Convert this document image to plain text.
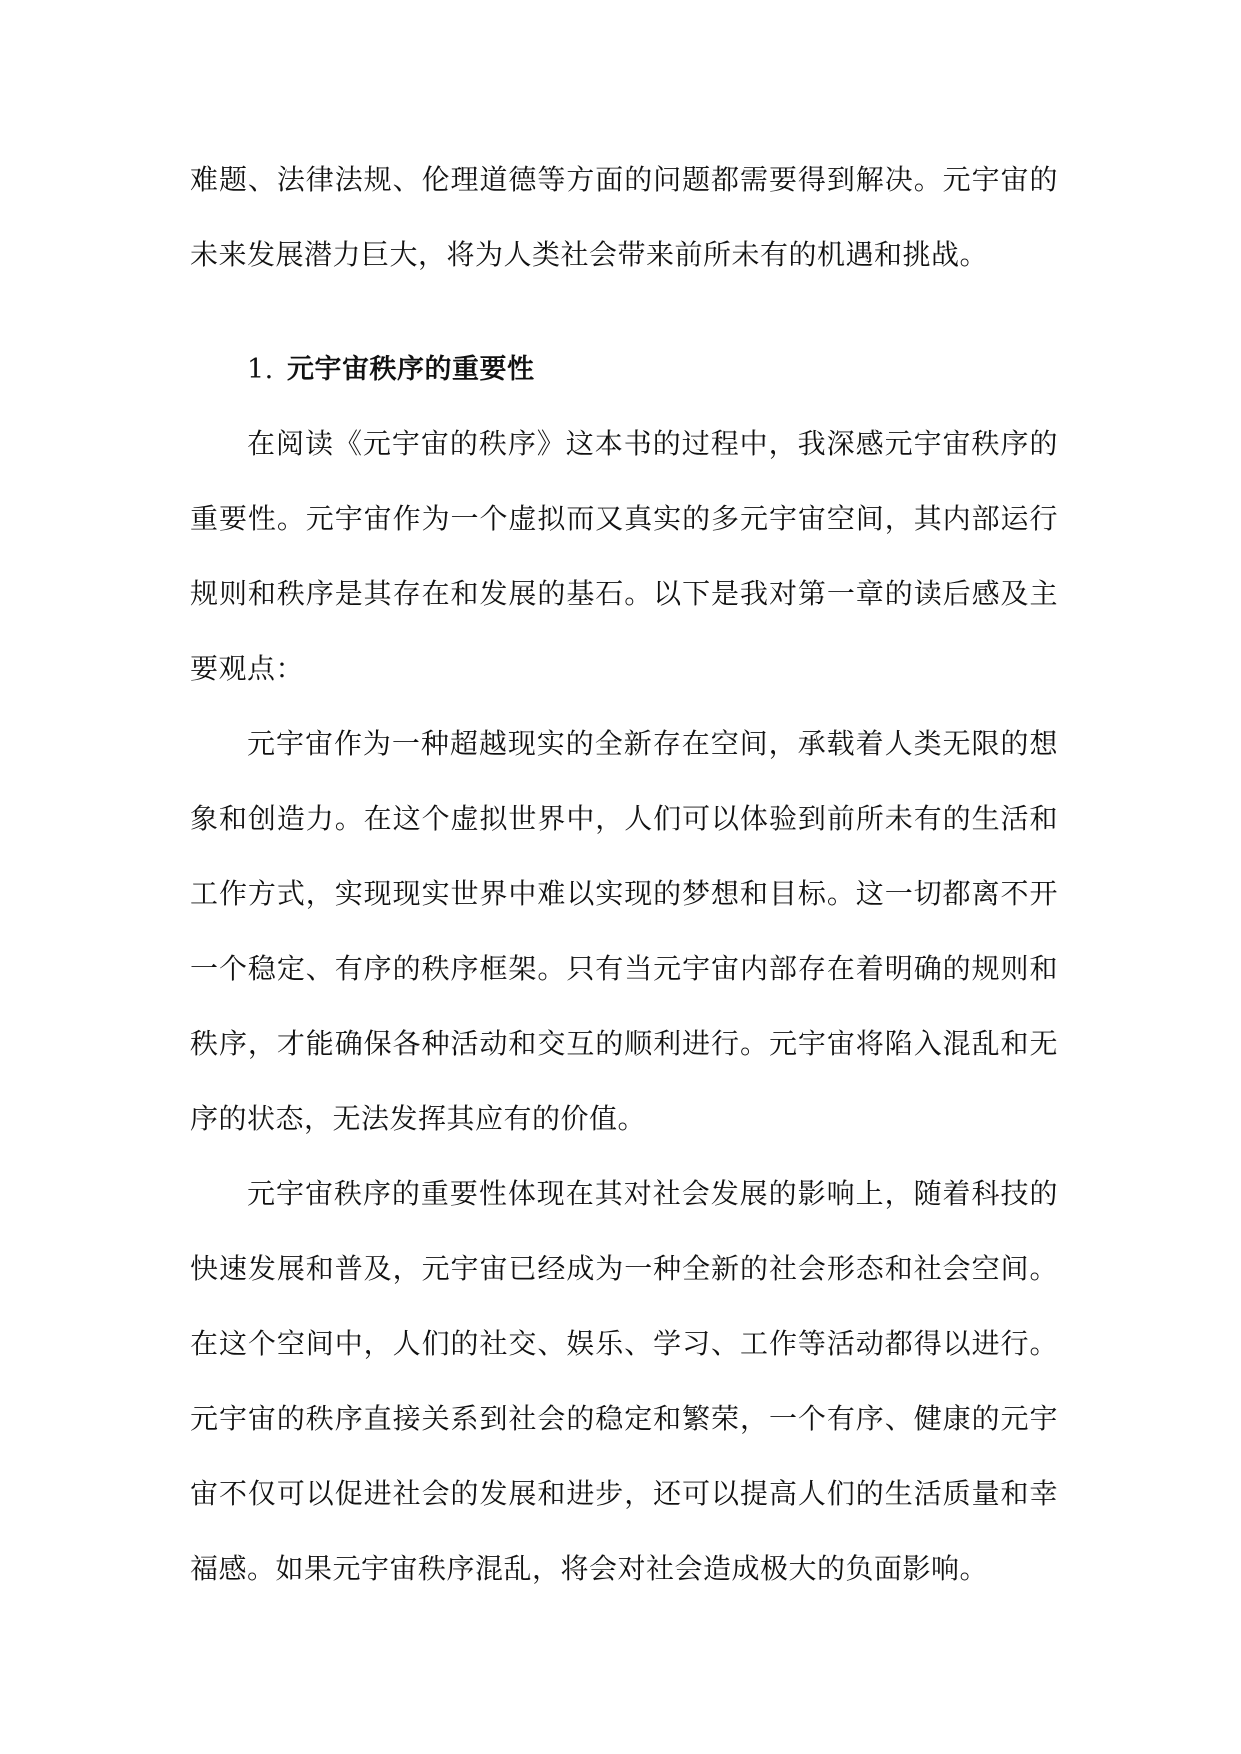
难题、法律法规、伦理道德等方面的问题都需要得到解决。元宇宙的未来发展潜力巨大，将为人类社会带来前所未有的机遇和挑战。

1. 元宇宙秩序的重要性

在阅读《元宇宙的秩序》这本书的过程中，我深感元宇宙秩序的重要性。元宇宙作为一个虚拟而又真实的多元宇宙空间，其内部运行规则和秩序是其存在和发展的基石。以下是我对第一章的读后感及主要观点：

元宇宙作为一种超越现实的全新存在空间，承载着人类无限的想象和创造力。在这个虚拟世界中，人们可以体验到前所未有的生活和工作方式，实现现实世界中难以实现的梦想和目标。这一切都离不开一个稳定、有序的秩序框架。只有当元宇宙内部存在着明确的规则和秩序，才能确保各种活动和交互的顺利进行。元宇宙将陷入混乱和无序的状态，无法发挥其应有的价值。

元宇宙秩序的重要性体现在其对社会发展的影响上，随着科技的快速发展和普及，元宇宙已经成为一种全新的社会形态和社会空间。在这个空间中，人们的社交、娱乐、学习、工作等活动都得以进行。元宇宙的秩序直接关系到社会的稳定和繁荣，一个有序、健康的元宇宙不仅可以促进社会的发展和进步，还可以提高人们的生活质量和幸福感。如果元宇宙秩序混乱，将会对社会造成极大的负面影响。
